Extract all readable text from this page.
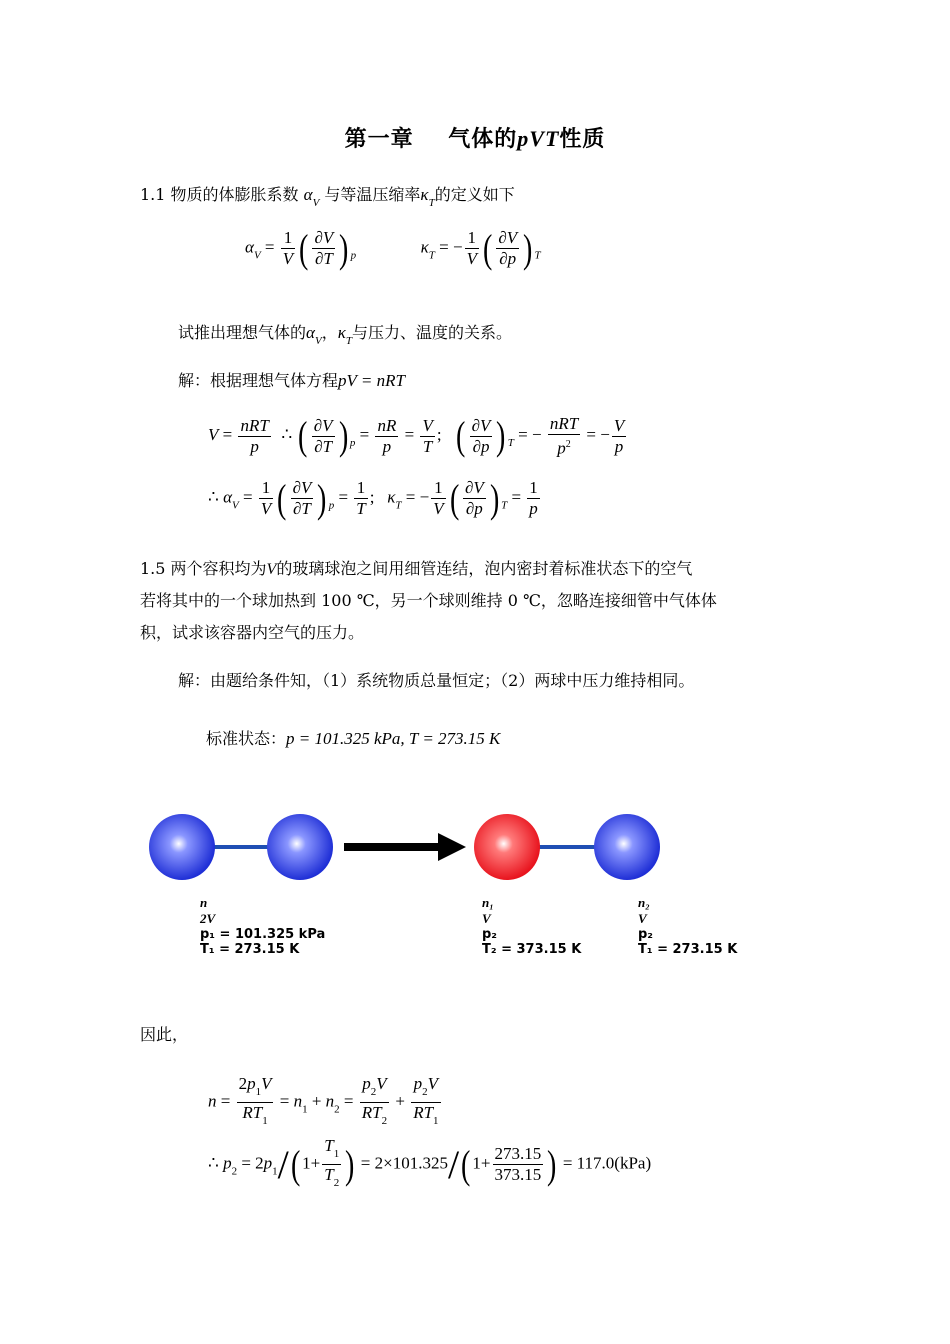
第一章 气体的pVT性质
1.1 物质的体膨胀系数 $\alpha_V$ 与等温压缩率$\kappa_T$的定义如下
$\alpha_V = \frac{1}{V}$ ( $\frac{\partial V}{\partial T}$ ) $_p$	$\kappa_T$ = − $\frac{1}{V}$ ( $\frac{\partial V}{\partial p}$ ) $_T$
试推出理想气体的$\alpha_V$，$\kappa_T$与压力、温度的关系。
解：根据理想气体方程pV = nRT
$V = \frac{\text{nRT}}{p}$ ∴ ( $\frac{\partial V}{\partial T}$ ) $_p = \frac{nR}{p} = \frac{V}{T}$ ;   ( $\frac{\partial V}{\partial p}$ ) $_T$ = − $\frac{\text{nRT}}{p^2}$ = − $\frac{V}{p}$
∴ $\alpha_V = \frac{1}{V}$ ( $\frac{\partial V}{\partial T}$ ) $_p = \frac{1}{T}$ ;   $\kappa_T$ = − $\frac{1}{V}$ ( $\frac{\partial V}{\partial p}$ ) $_T = \frac{1}{p}$
1.5 两个容积均为V的玻璃球泡之间用细管连结，泡内密封着标准状态下的空气
若将其中的一个球加热到 100 ℃，另一个球则维持 0 ℃，忽略连接细管中气体体
积，试求该容器内空气的压力。
解：由题给条件知，（1）系统物质总量恒定；（2）两球中压力维持相同。
标准状态：p = 101.325 kPa, T = 273.15 K
n
2V
p₁ = 101.325 kPa
T₁ = 273.15 K
n₁
V
p₂
T₂ = 373.15 K
n₂
V
p₂
T₁ = 273.15 K
因此，
$n = \frac{2p_1V}{RT_1} = n_1 + n_2 = \frac{p_2V}{RT_2} + \frac{p_2V}{RT_1}$
∴ $p_2 = 2p_1/$( $1+ \frac{T_1}{T_2}$ ) = 2×101.325/( $1+ \frac{273.15}{373.15}$ ) = 117.0(kPa)
